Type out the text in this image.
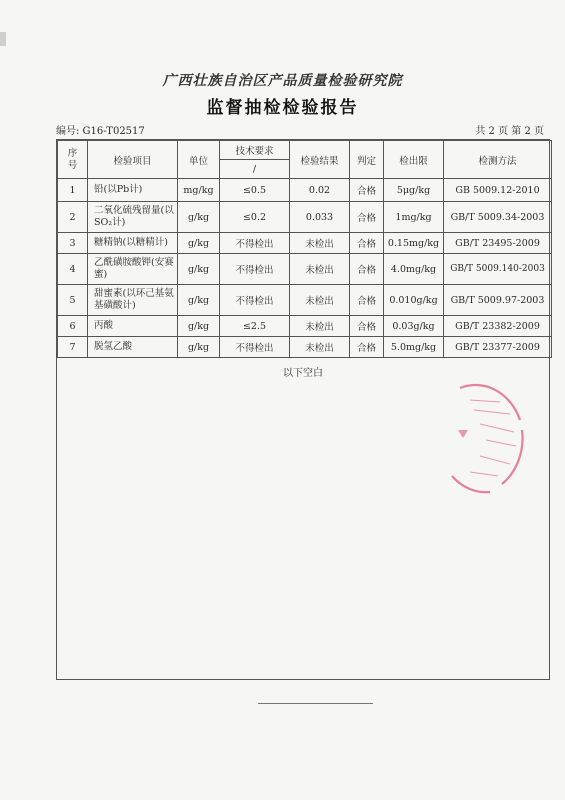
广西壮族自治区产品质量检验研究院
监督抽检检验报告
编号: G16-T02517	共 2 页 第 2 页
序号	检验项目	单位	技术要求	检验结果	判定	检出限	检测方法
			/				
1	铅(以Pb计)	mg/kg	≤0.5	0.02	合格	5μg/kg	GB 5009.12-2010
2	二氧化硫残留量(以SO₂计)	g/kg	≤0.2	0.033	合格	1mg/kg	GB/T 5009.34-2003
3	糖精钠(以糖精计)	g/kg	不得检出	未检出	合格	0.15mg/kg	GB/T 23495-2009
4	乙酰磺胺酸钾(安赛蜜)	g/kg	不得检出	未检出	合格	4.0mg/kg	GB/T 5009.140-2003
5	甜蜜素(以环己基氨基磺酸计)	g/kg	不得检出	未检出	合格	0.010g/kg	GB/T 5009.97-2003
6	丙酸	g/kg	≤2.5	未检出	合格	0.03g/kg	GB/T 23382-2009
7	脱氢乙酸	g/kg	不得检出	未检出	合格	5.0mg/kg	GB/T 23377-2009
以下空白
